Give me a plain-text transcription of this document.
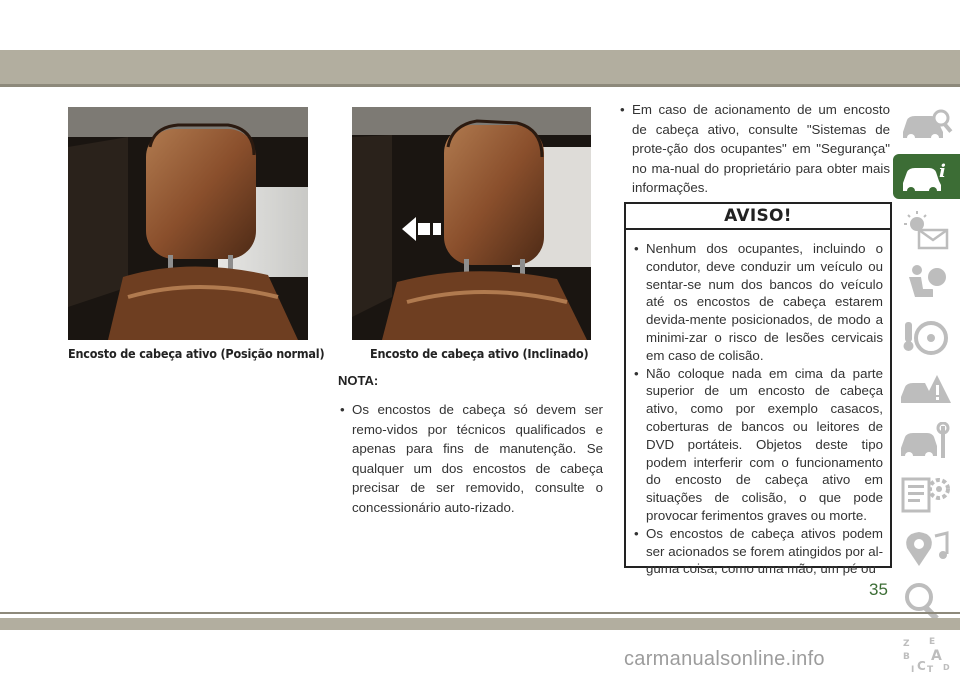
Encosto de cabeça ativo (Posição normal)	Encosto de cabeça ativo (Inclinado)
NOTA:
• Os encostos de cabeça só devem ser remo-vidos por técnicos qualificados e apenas para fins de manutenção. Se qualquer um dos encostos de cabeça precisar de ser removido, consulte o concessionário auto-rizado.
• Em caso de acionamento de um encosto de cabeça ativo, consulte "Sistemas de prote-ção dos ocupantes" em "Segurança" no ma-nual do proprietário para obter mais informações.
AVISO!
• Nenhum dos ocupantes, incluindo o condutor, deve conduzir um veículo ou sentar-se num dos bancos do veículo até os encostos de cabeça estarem devida-mente posicionados, de modo a minimi-zar o risco de lesões cervicais em caso de colisão.
• Não coloque nada em cima da parte superior de um encosto de cabeça ativo, como por exemplo casacos, coberturas de bancos ou leitores de DVD portáteis. Objetos deste tipo podem interferir com o funcionamento do encosto de cabeça ativo em situações de colisão, o que pode provocar ferimentos graves ou morte.
• Os encostos de cabeça ativos podem ser acionados se forem atingidos por al-guma coisa, como uma mão, um pé ou
i
Z E
B A
I C T D
35
carmanualsonline.info
